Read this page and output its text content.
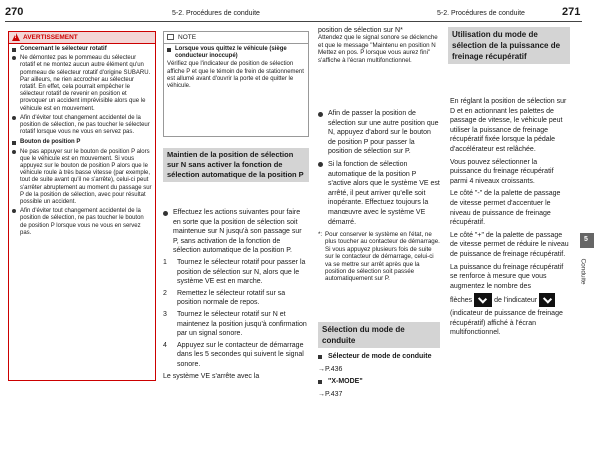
270	5-2. Procédures de conduite	5-2. Procédures de conduite	271
!
AVERTISSEMENT
Concernant le sélecteur rotatif
Ne démontez pas le pommeau du sélecteur rotatif et ne montez aucun autre élément qu'un pommeau de sélecteur rotatif d'origine SUBARU. Par ailleurs, ne rien accrocher au sélecteur rotatif. En effet, cela pourrait empêcher le sélecteur rotatif de revenir en position et provoquer un accident imprévisible alors que le véhicule est en mouvement.
Afin d'éviter tout changement accidentel de la position de sélection, ne pas toucher le sélecteur rotatif lorsque vous ne vous en servez pas.
Bouton de position P
Ne pas appuyer sur le bouton de position P alors que le véhicule est en mouvement. Si vous appuyez sur le bouton de position P alors que le véhicule roule à très basse vitesse (par exemple, tout de suite avant qu'il ne s'arrête), celui-ci peut s'arrêter abruptement au moment du passage sur P de la position de sélection, avec pour résultat possible un accident.
Afin d'éviter tout changement accidentel de la position de sélection, ne pas toucher le bouton de position P lorsque vous ne vous en servez pas.
NOTE
Lorsque vous quittez le véhicule (siège conducteur inoccupé)
Vérifiez que l'indicateur de position de sélection affiche P et que le témoin de frein de stationnement est allumé avant d'ouvrir la porte et de quitter le véhicule.
Maintien de la position de sélection sur N sans activer la fonction de sélection automatique de la position P
Effectuez les actions suivantes pour faire en sorte que la position de sélection soit maintenue sur N jusqu'à son passage sur P, sans activation de la fonction de sélection automatique de la position P.
1 Tournez le sélecteur rotatif pour passer la position de sélection sur N, alors que le système VE est en marche.
2 Remettez le sélecteur rotatif sur sa position normale de repos.
3 Tournez le sélecteur rotatif sur N et maintenez la position jusqu'à confirmation par un signal sonore.
4 Appuyez sur le contacteur de démarrage dans les 5 secondes qui suivent le signal sonore.
Le système VE s'arrête avec la
position de sélection sur N*
Attendez que le signal sonore se déclenche et que le message "Maintenu en position N Mettez en pos. P lorsque vous aurez fini" s'affiche à l'écran multifonctionnel.
Afin de passer la position de sélection sur une autre position que N, appuyez d'abord sur le bouton de position P pour passer la position de sélection sur P.
Si la fonction de sélection automatique de la position P s'active alors que le système VE est arrêté, il peut arriver qu'elle soit inopérante. Effectuez toujours la manœuvre avec le système VE démarré.
*: Pour conserver le système en l'état, ne plus toucher au contacteur de démarrage. Si vous appuyez plusieurs fois de suite sur le contacteur de démarrage, celui-ci va se mettre sur arrêt après que la position de sélection soit passée automatiquement sur P.
Sélection du mode de conduite
Sélecteur de mode de conduite
→P.436
"X-MODE"
→P.437
Utilisation du mode de sélection de la puissance de freinage récupératif
En réglant la position de sélection sur D et en actionnant les palettes de passage de vitesse, le véhicule peut utiliser la puissance de freinage récupératif fixée lorsque la pédale d'accélérateur est relâchée.
Vous pouvez sélectionner la puissance du freinage récupératif parmi 4 niveaux croissants.
Le côté "-" de la palette de passage de vitesse permet d'accentuer le niveau de puissance de freinage récupératif.
Le côté "+" de la palette de passage de vitesse permet de réduire le niveau de puissance de freinage récupératif.
La puissance du freinage récupératif se renforce à mesure que vous augmentez le nombre des
flèches	de l'indicateur
(indicateur de puissance de freinage récupératif) affiché à l'écran multifonctionnel.
5
Conduite
